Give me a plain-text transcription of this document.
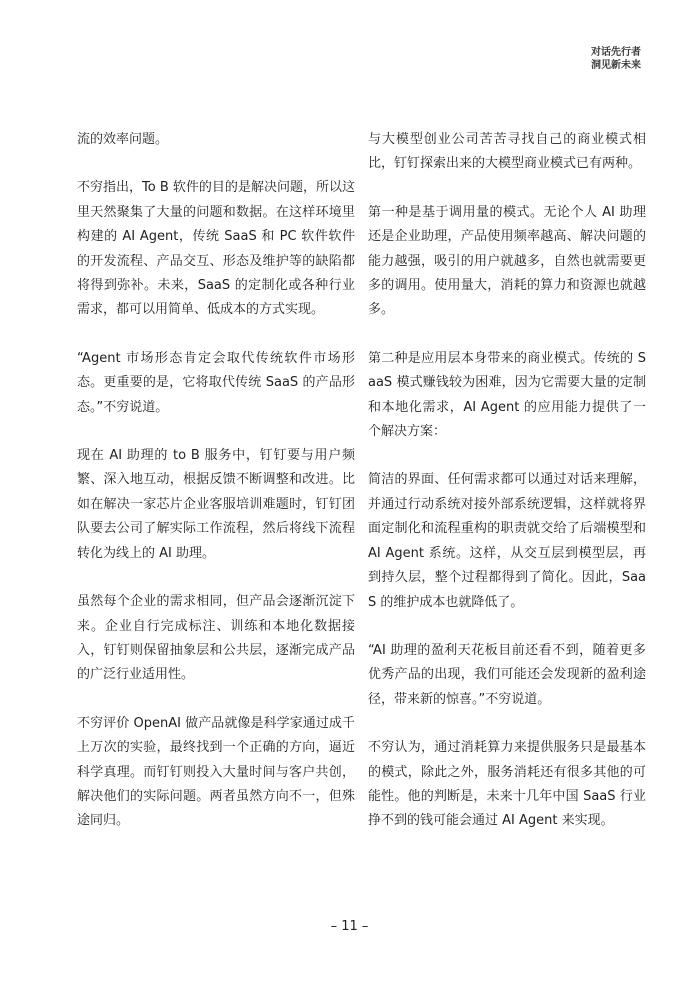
对话先行者
洞见新未来

流的效率问题。

不穷指出，To B 软件的目的是解决问题，所以这里天然聚集了大量的问题和数据。在这样环境里构建的 AI Agent，传统 SaaS 和 PC 软件软件的开发流程、产品交互、形态及维护等的缺陷都将得到弥补。未来，SaaS 的定制化或各种行业需求，都可以用简单、低成本的方式实现。

“Agent 市场形态肯定会取代传统软件市场形态。更重要的是，它将取代传统 SaaS 的产品形态。”不穷说道。

现在 AI 助理的 to B 服务中，钉钉要与用户频繁、深入地互动，根据反馈不断调整和改进。比如在解决一家芯片企业客服培训难题时，钉钉团队要去公司了解实际工作流程，然后将线下流程转化为线上的 AI 助理。

虽然每个企业的需求相同，但产品会逐渐沉淀下来。企业自行完成标注、训练和本地化数据接入，钉钉则保留抽象层和公共层，逐渐完成产品的广泛行业适用性。

不穷评价 OpenAI 做产品就像是科学家通过成千上万次的实验，最终找到一个正确的方向，逼近科学真理。而钉钉则投入大量时间与客户共创，解决他们的实际问题。两者虽然方向不一，但殊途同归。

与大模型创业公司苦苦寻找自己的商业模式相比，钉钉探索出来的大模型商业模式已有两种。

第一种是基于调用量的模式。无论个人 AI 助理还是企业助理，产品使用频率越高、解决问题的能力越强，吸引的用户就越多，自然也就需要更多的调用。使用量大，消耗的算力和资源也就越多。

第二种是应用层本身带来的商业模式。传统的 SaaS 模式赚钱较为困难，因为它需要大量的定制和本地化需求，AI Agent 的应用能力提供了一个解决方案：

简洁的界面、任何需求都可以通过对话来理解，并通过行动系统对接外部系统逻辑，这样就将界面定制化和流程重构的职责就交给了后端模型和 AI Agent 系统。这样，从交互层到模型层，再到持久层，整个过程都得到了简化。因此，SaaS 的维护成本也就降低了。

“AI 助理的盈利天花板目前还看不到，随着更多优秀产品的出现，我们可能还会发现新的盈利途径，带来新的惊喜。”不穷说道。

不穷认为，通过消耗算力来提供服务只是最基本的模式，除此之外，服务消耗还有很多其他的可能性。他的判断是，未来十几年中国 SaaS 行业挣不到的钱可能会通过 AI Agent 来实现。

– 11 –
